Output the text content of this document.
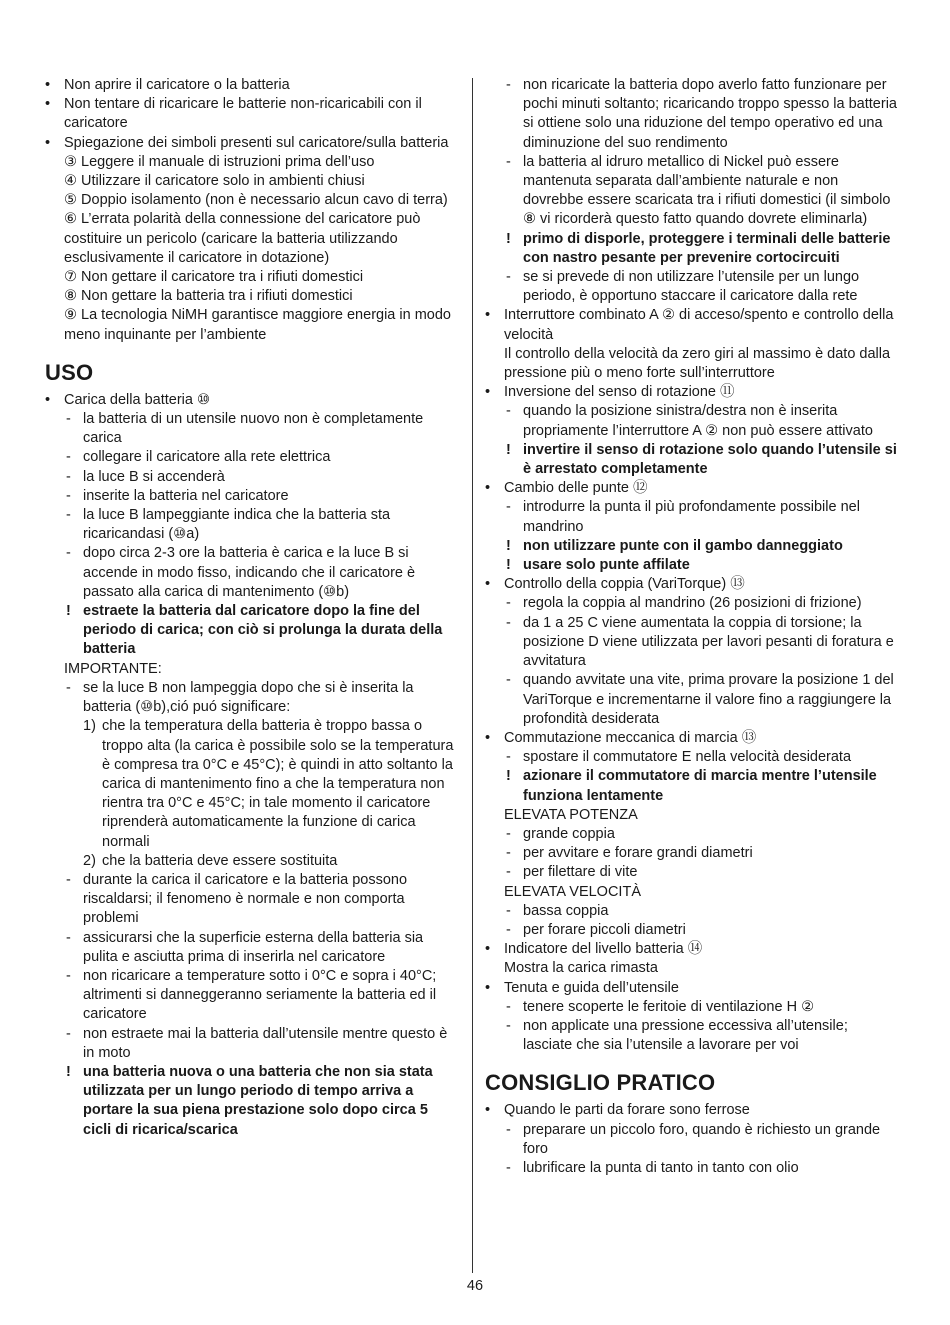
• Non aprire il caricatore o la batteria
• Non tentare di ricaricare le batterie non-ricaricabili con il caricatore
• Spiegazione dei simboli presenti sul caricatore/sulla batteria
③ Leggere il manuale di istruzioni prima dell’uso
④ Utilizzare il caricatore solo in ambienti chiusi
⑤ Doppio isolamento (non è necessario alcun cavo di terra)
⑥ L’errata polarità della connessione del caricatore può costituire un pericolo (caricare la batteria utilizzando esclusivamente il caricatore in dotazione)
⑦ Non gettare il caricatore tra i rifiuti domestici
⑧ Non gettare la batteria tra i rifiuti domestici
⑨ La tecnologia NiMH garantisce maggiore energia in modo meno inquinante per l’ambiente
USO
• Carica della batteria ⑩
- la batteria di un utensile nuovo non è completamente carica
- collegare il caricatore alla rete elettrica
- la luce B si accenderà
- inserite la batteria nel caricatore
- la luce B lampeggiante indica che la batteria sta ricaricandasi (⑩a)
- dopo circa 2-3 ore la batteria è carica e la luce B si accende in modo fisso, indicando che il caricatore è passato alla carica di mantenimento (⑩b)
! estraete la batteria dal caricatore dopo la fine del periodo di carica; con ciò si prolunga la durata della batteria
IMPORTANTE:
- se la luce B non lampeggia dopo che si è inserita la batteria (⑩b),ció puó significare:
1) che la temperatura della batteria è troppo bassa o troppo alta (la carica è possibile solo se la temperatura è compresa tra 0°C e 45°C); è quindi in atto soltanto la carica di mantenimento fino a che la temperatura non rientra tra 0°C e 45°C; in tale momento il caricatore riprenderà automaticamente la funzione di carica normali
2) che la batteria deve essere sostituita
- durante la carica il caricatore e la batteria possono riscaldarsi; il fenomeno è normale e non comporta problemi
- assicurarsi che la superficie esterna della batteria sia pulita e asciutta prima di inserirla nel caricatore
- non ricaricare a temperature sotto i 0°C e sopra i 40°C; altrimenti si danneggeranno seriamente la batteria ed il caricatore
- non estraete mai la batteria dall’utensile mentre questo è in moto
! una batteria nuova o una batteria che non sia stata utilizzata per un lungo periodo di tempo arriva a portare la sua piena prestazione solo dopo circa 5 cicli di ricarica/scarica
- non ricaricate la batteria dopo averlo fatto funzionare per pochi minuti soltanto; ricaricando troppo spesso la batteria si ottiene solo una riduzione del tempo operativo ed una diminuzione del suo rendimento
- la batteria al idruro metallico di Nickel può essere mantenuta separata dall’ambiente naturale e non dovrebbe essere scaricata tra i rifiuti domestici (il simbolo ⑧ vi ricorderà questo fatto quando dovrete eliminarla)
! primo di disporle, proteggere i terminali delle batterie con nastro pesante per prevenire cortocircuiti
- se si prevede di non utilizzare l’utensile per un lungo periodo, è opportuno staccare il caricatore dalla rete
• Interruttore combinato A ② di acceso/spento e controllo della velocità
Il controllo della velocità da zero giri al massimo è dato dalla pressione più o meno forte sull’interruttore
• Inversione del senso di rotazione ⑪
- quando la posizione sinistra/destra non è inserita propriamente l’interruttore A ② non può essere attivato
! invertire il senso di rotazione solo quando l’utensile si è arrestato completamente
• Cambio delle punte ⑫
- introdurre la punta il più profondamente possibile nel mandrino
! non utilizzare punte con il gambo danneggiato
! usare solo punte affilate
• Controllo della coppia (VariTorque) ⑬
- regola la coppia al mandrino (26 posizioni di frizione)
- da 1 a 25 C viene aumentata la coppia di torsione; la posizione D viene utilizzata per lavori pesanti di foratura e avvitatura
- quando avvitate una vite, prima provare la posizione 1 del VariTorque e incrementarne il valore fino a raggiungere la profondità desiderata
• Commutazione meccanica di marcia ⑬
- spostare il commutatore E nella velocità desiderata
! azionare il commutatore di marcia mentre l’utensile funziona lentamente
ELEVATA POTENZA
- grande coppia
- per avvitare e forare grandi diametri
- per filettare di vite
ELEVATA VELOCITÀ
- bassa coppia
- per forare piccoli diametri
• Indicatore del livello batteria ⑭
Mostra la carica rimasta
• Tenuta e guida dell’utensile
- tenere scoperte le feritoie di ventilazione H ②
- non applicate una pressione eccessiva all’utensile; lasciate che sia l’utensile a lavorare per voi
CONSIGLIO PRATICO
• Quando le parti da forare sono ferrose
- preparare un piccolo foro, quando è richiesto un grande foro
- lubrificare la punta di tanto in tanto con olio
46
